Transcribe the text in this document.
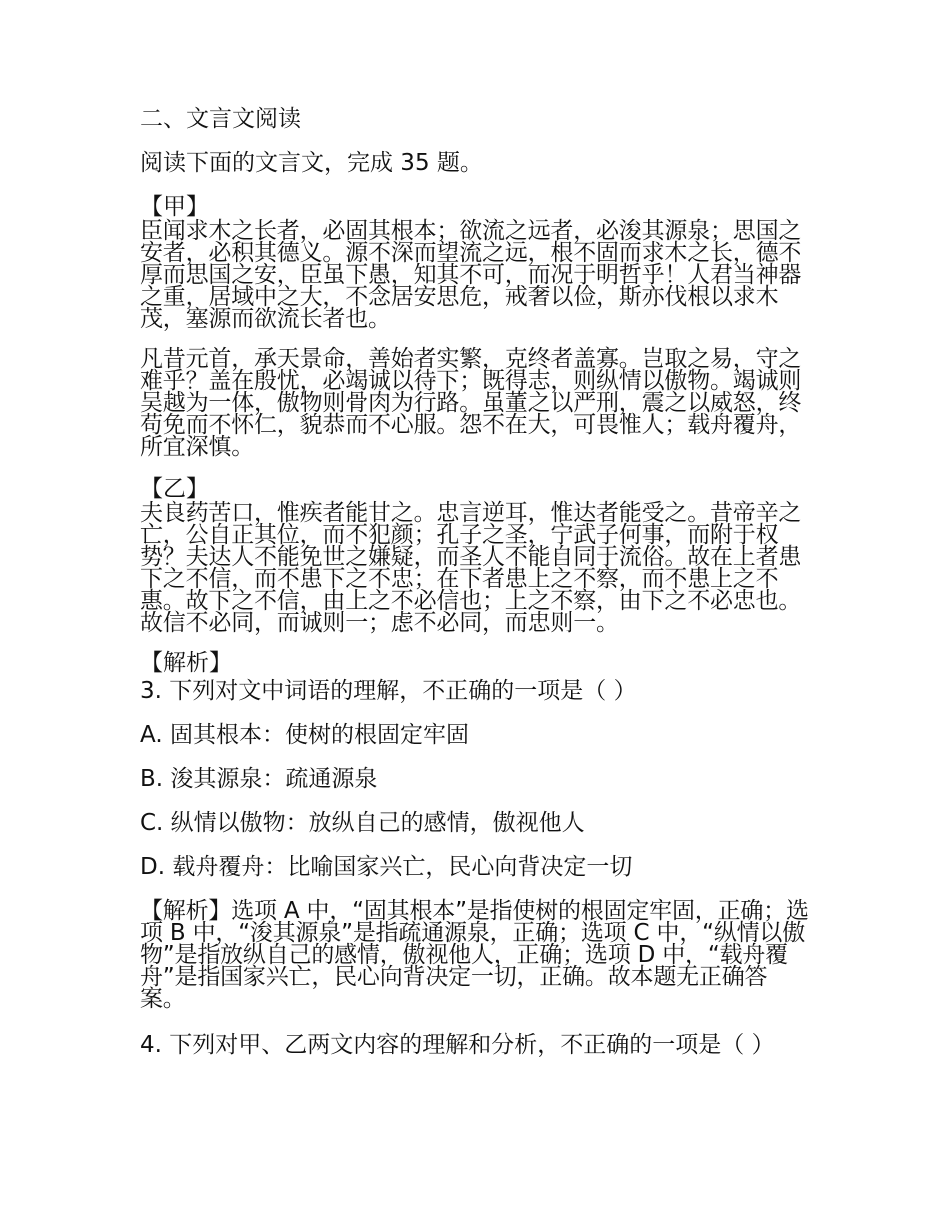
二、文言文阅读
阅读下面的文言文，完成 35 题。
【甲】
臣闻求木之长者，必固其根本；欲流之远者，必浚其源泉；思国之安者，必积其德义。源不深而望流之远，根不固而求木之长，德不厚而思国之安，臣虽下愚，知其不可，而况于明哲乎！人君当神器之重，居域中之大，不念居安思危，戒奢以俭，斯亦伐根以求木茂，塞源而欲流长者也。
凡昔元首，承天景命，善始者实繁，克终者盖寡。岂取之易，守之难乎？盖在殷忧，必竭诚以待下；既得志，则纵情以傲物。竭诚则吴越为一体，傲物则骨肉为行路。虽董之以严刑，震之以威怒，终苟免而不怀仁，貌恭而不心服。怨不在大，可畏惟人；载舟覆舟，所宜深慎。
【乙】
夫良药苦口，惟疾者能甘之。忠言逆耳，惟达者能受之。昔帝辛之亡，公自正其位，而不犯颜；孔子之圣，宁武子何事，而附于权势？夫达人不能免世之嫌疑，而圣人不能自同于流俗。故在上者患下之不信，而不患下之不忠；在下者患上之不察，而不患上之不惠。故下之不信，由上之不必信也；上之不察，由下之不必忠也。故信不必同，而诚则一；虑不必同，而忠则一。
【解析】
3. 下列对文中词语的理解，不正确的一项是（ ）
A. 固其根本：使树的根固定牢固
B. 浚其源泉：疏通源泉
C. 纵情以傲物：放纵自己的感情，傲视他人
D. 载舟覆舟：比喻国家兴亡，民心向背决定一切
【解析】选项 A 中，“固其根本”是指使树的根固定牢固，正确；选项 B 中，“浚其源泉”是指疏通源泉，正确；选项 C 中，“纵情以傲物”是指放纵自己的感情，傲视他人，正确；选项 D 中，“载舟覆舟”是指国家兴亡，民心向背决定一切，正确。故本题无正确答案。
4. 下列对甲、乙两文内容的理解和分析，不正确的一项是（ ）
